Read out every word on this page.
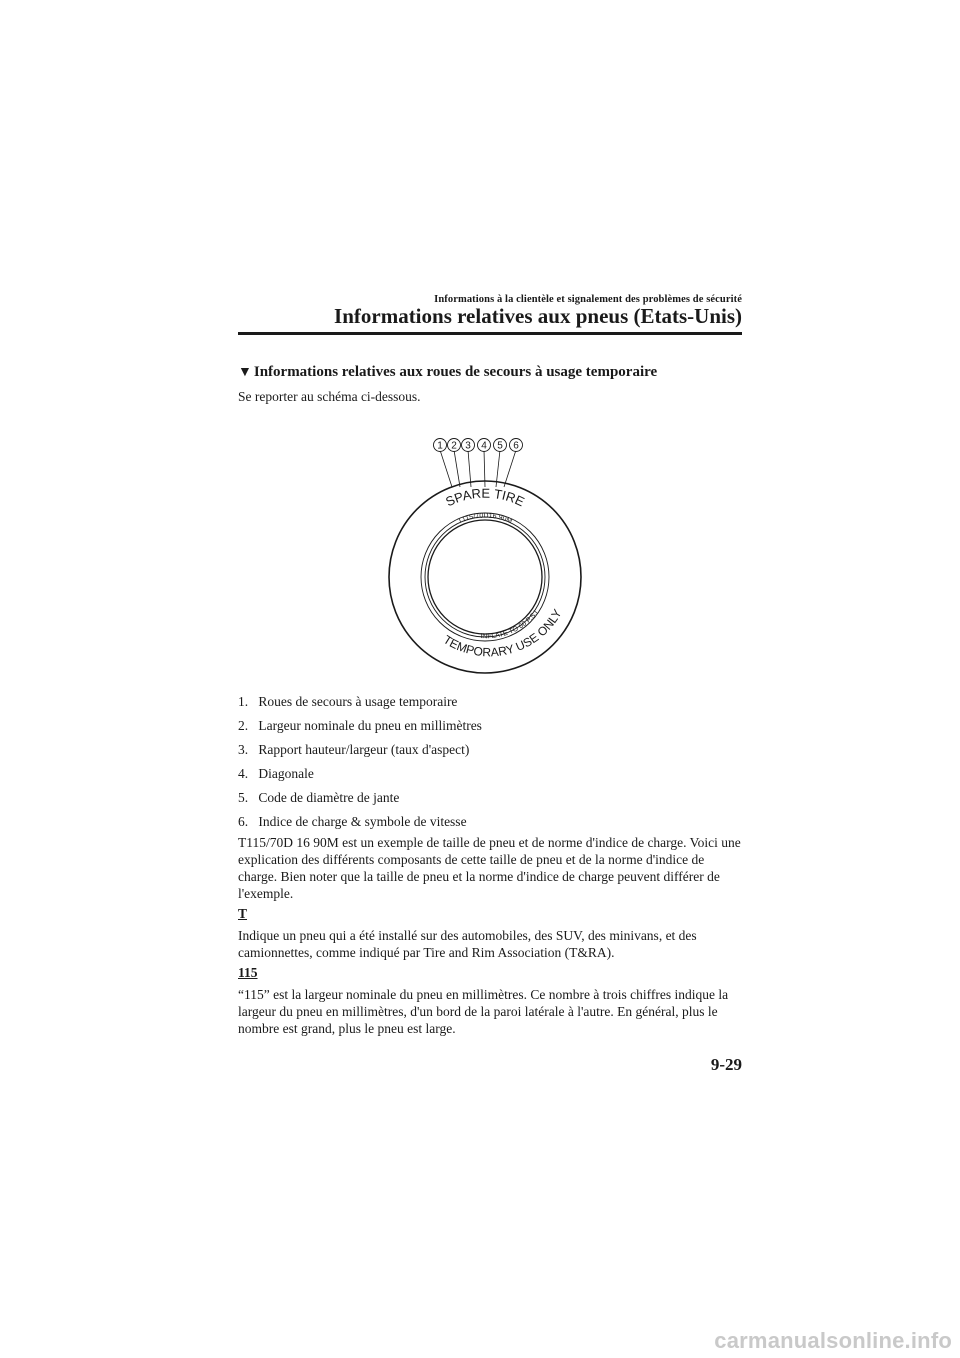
Informations à la clientèle et signalement des problèmes de sécurité
Informations relatives aux pneus (Etats-Unis)
▼ Informations relatives aux roues de secours à usage temporaire
Se reporter au schéma ci-dessous.
1 2 3 4 5 6
SPARE TIRE
T115/70D16 90M
INFLATE TO 60 P.S.I
TEMPORARY USE ONLY
1. Roues de secours à usage temporaire
2. Largeur nominale du pneu en millimètres
3. Rapport hauteur/largeur (taux d'aspect)
4. Diagonale
5. Code de diamètre de jante
6. Indice de charge & symbole de vitesse
T115/70D 16 90M est un exemple de taille de pneu et de norme d'indice de charge. Voici une explication des différents composants de cette taille de pneu et de la norme d'indice de charge. Bien noter que la taille de pneu et la norme d'indice de charge peuvent différer de l'exemple.
T
Indique un pneu qui a été installé sur des automobiles, des SUV, des minivans, et des camionnettes, comme indiqué par Tire and Rim Association (T&RA).
115
“115” est la largeur nominale du pneu en millimètres. Ce nombre à trois chiffres indique la largeur du pneu en millimètres, d'un bord de la paroi latérale à l'autre. En général, plus le nombre est grand, plus le pneu est large.
9-29
carmanualsonline.info
